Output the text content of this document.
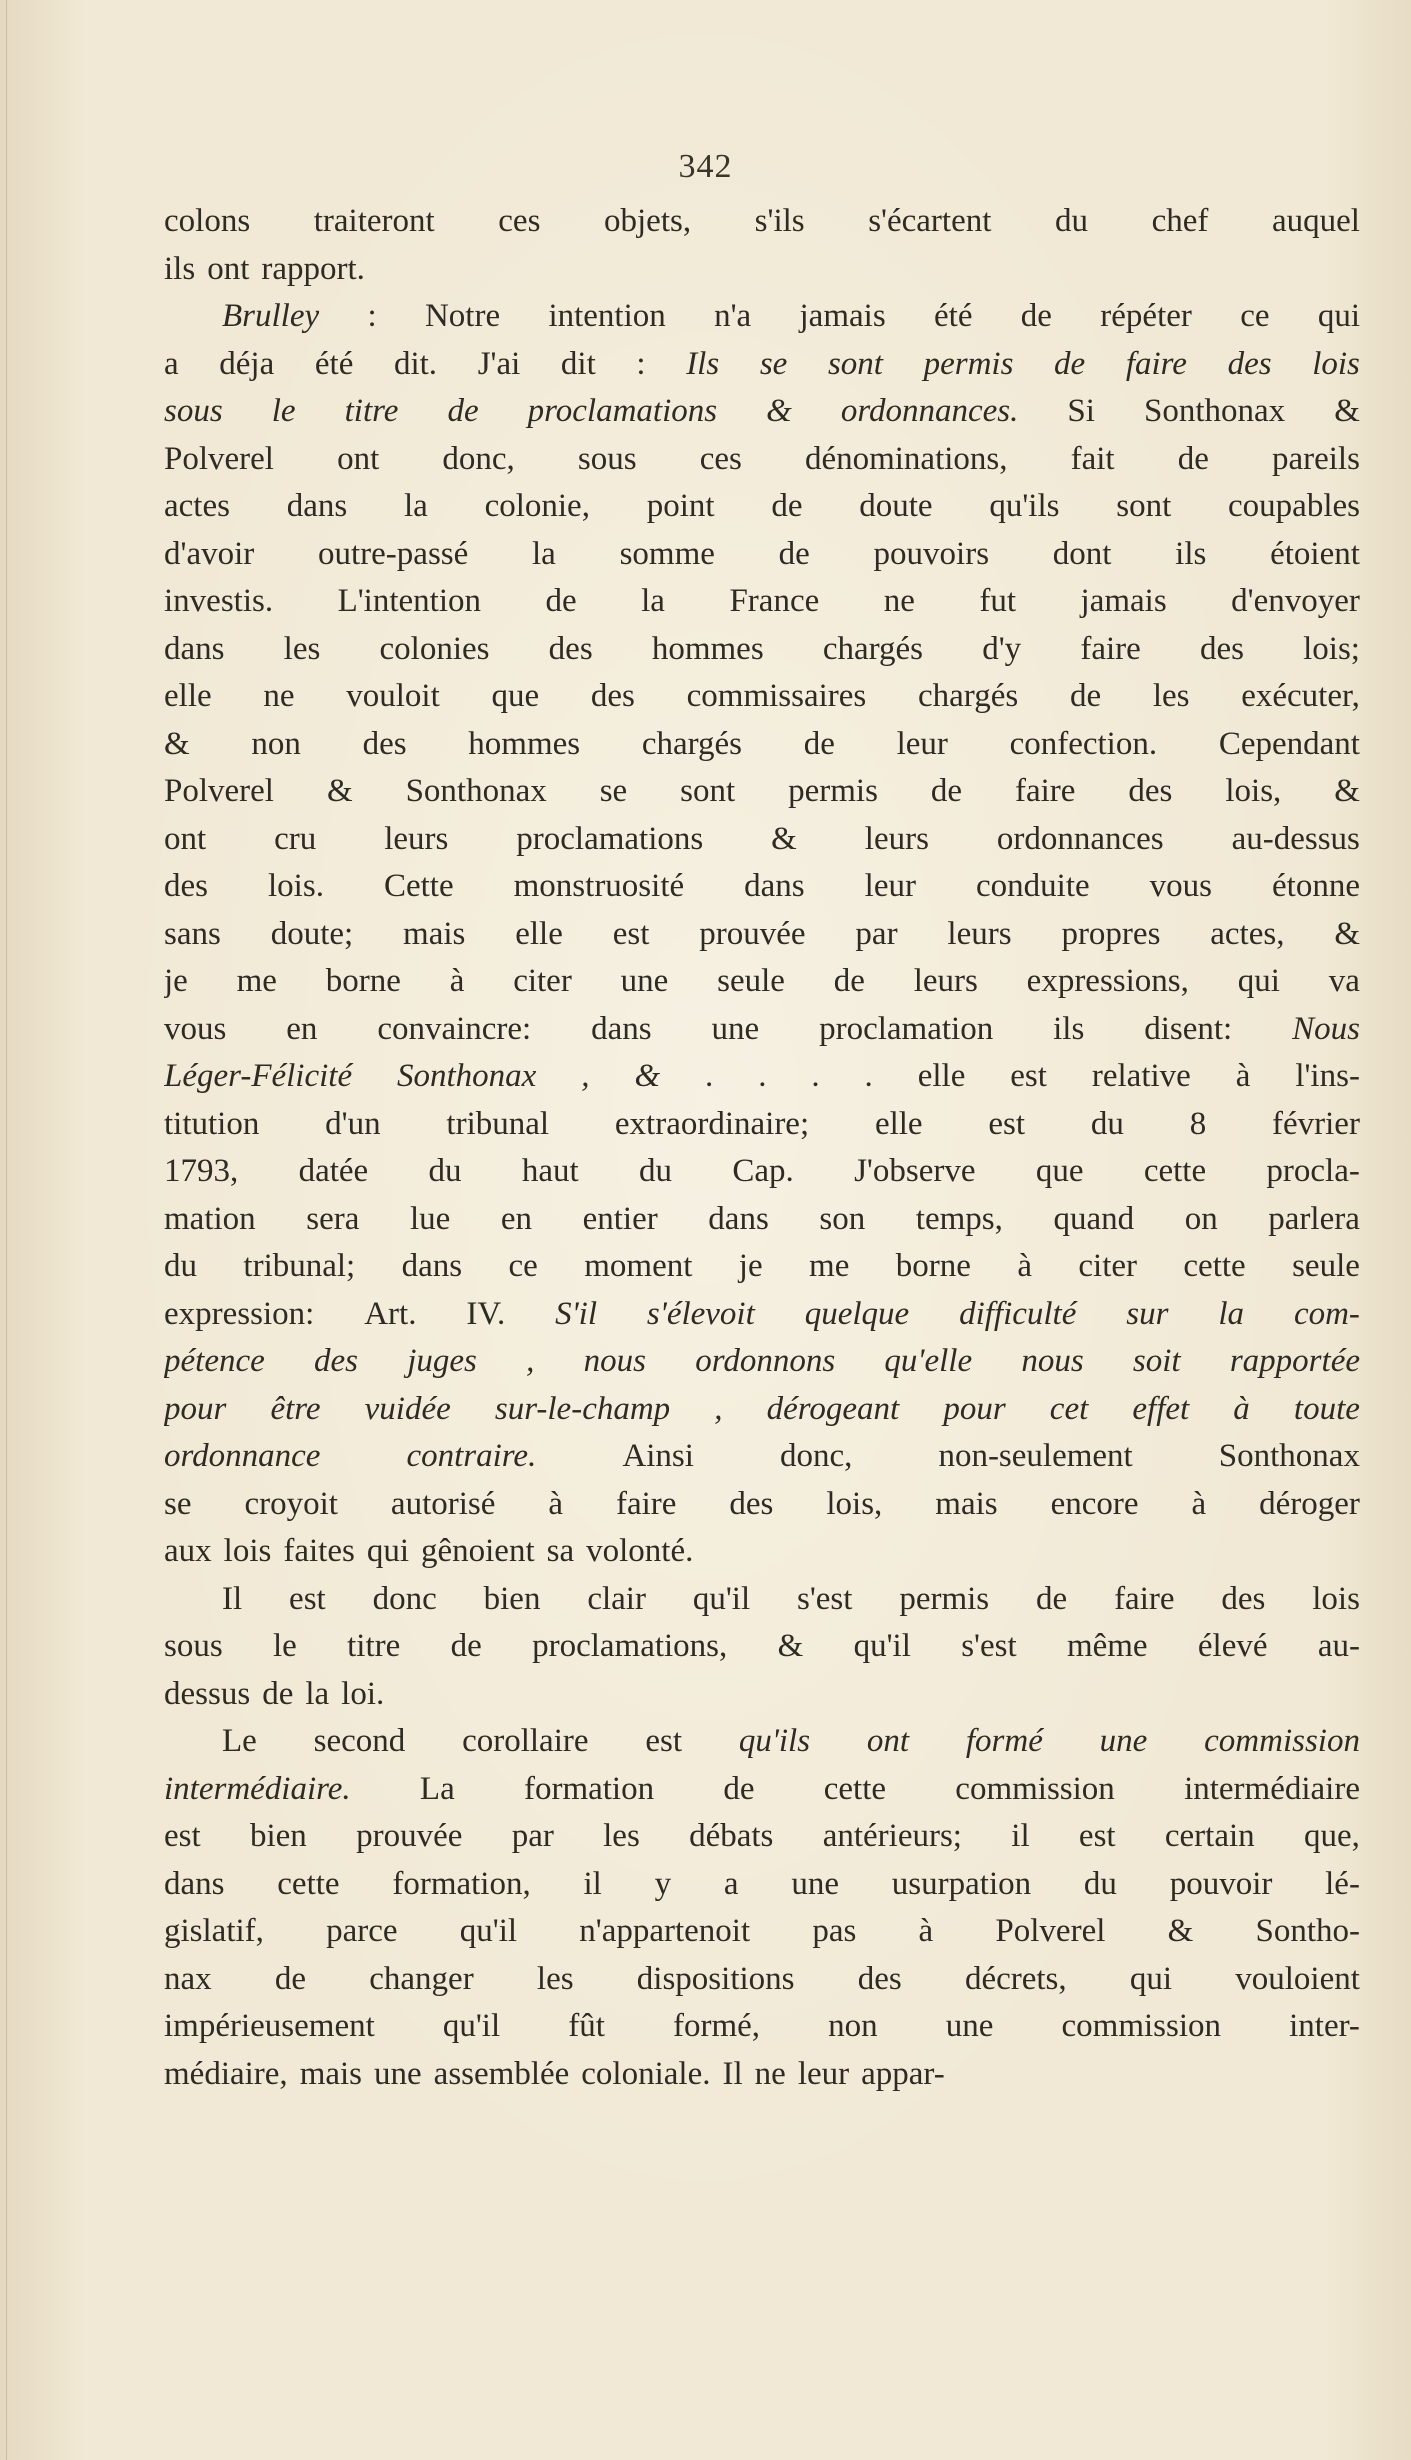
342
colons traiteront ces objets, s'ils s'écartent du chef auquel
ils ont rapport.
Brulley : Notre intention n'a jamais été de répéter ce qui
a déja été dit. J'ai dit : Ils se sont permis de faire des lois
sous le titre de proclamations & ordonnances. Si Sonthonax &
Polverel ont donc, sous ces dénominations, fait de pareils
actes dans la colonie, point de doute qu'ils sont coupables
d'avoir outre-passé la somme de pouvoirs dont ils étoient
investis. L'intention de la France ne fut jamais d'envoyer
dans les colonies des hommes chargés d'y faire des lois;
elle ne vouloit que des commissaires chargés de les exécuter,
& non des hommes chargés de leur confection. Cependant
Polverel & Sonthonax se sont permis de faire des lois, &
ont cru leurs proclamations & leurs ordonnances au-dessus
des lois. Cette monstruosité dans leur conduite vous étonne
sans doute; mais elle est prouvée par leurs propres actes, &
je me borne à citer une seule de leurs expressions, qui va
vous en convaincre: dans une proclamation ils disent: Nous
Léger-Félicité Sonthonax , & . . . . elle est relative à l'ins-
titution d'un tribunal extraordinaire; elle est du 8 février
1793, datée du haut du Cap. J'observe que cette procla-
mation sera lue en entier dans son temps, quand on parlera
du tribunal; dans ce moment je me borne à citer cette seule
expression: Art. IV. S'il s'élevoit quelque difficulté sur la com-
pétence des juges , nous ordonnons qu'elle nous soit rapportée
pour être vuidée sur-le-champ , dérogeant pour cet effet à toute
ordonnance	contraire.	Ainsi	donc,	non-seulement	Sonthonax
se croyoit autorisé à faire des lois, mais encore à déroger
aux lois faites qui gênoient sa volonté.
Il est donc bien clair qu'il s'est permis de faire des lois
sous le titre de proclamations, & qu'il s'est même élevé au-
dessus de la loi.
Le second corollaire est qu'ils ont formé une commission
intermédiaire. La formation de cette commission intermédiaire
est bien prouvée par les débats antérieurs; il est certain que,
dans cette formation, il y a une usurpation du pouvoir lé-
gislatif, parce qu'il n'appartenoit pas à Polverel & Sontho-
nax de changer les dispositions des décrets, qui vouloient
impérieusement qu'il fût formé, non une commission inter-
médiaire, mais une assemblée coloniale. Il ne leur appar-
